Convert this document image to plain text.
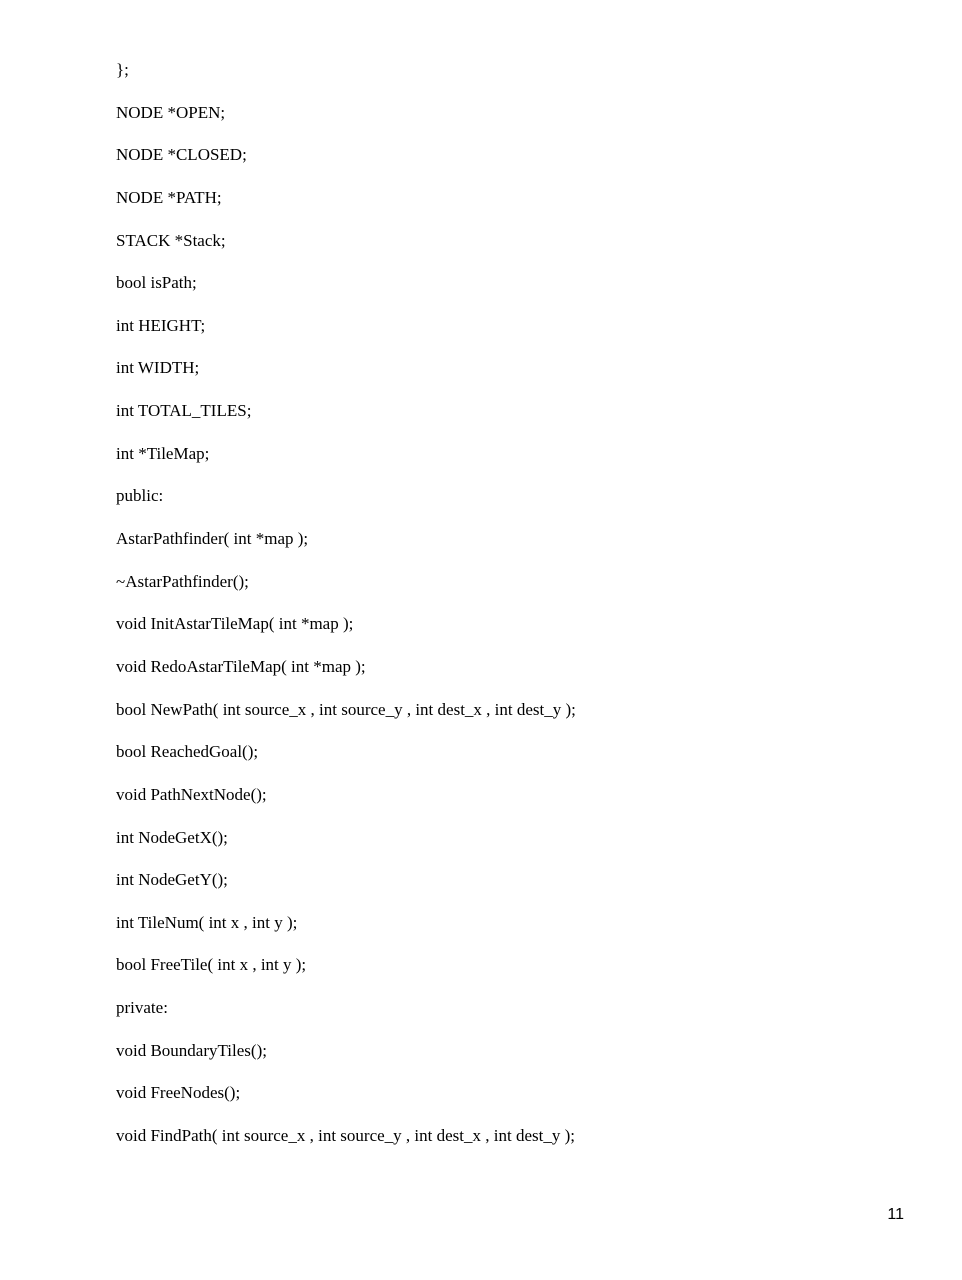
};
NODE *OPEN;
NODE *CLOSED;
NODE *PATH;
STACK *Stack;
bool isPath;
int HEIGHT;
int WIDTH;
int TOTAL_TILES;
int *TileMap;
public:
AstarPathfinder( int *map );
~AstarPathfinder();
void InitAstarTileMap( int *map );
void RedoAstarTileMap( int *map );
bool NewPath( int source_x , int source_y , int dest_x , int dest_y );
bool ReachedGoal();
void PathNextNode();
int NodeGetX();
int NodeGetY();
int TileNum( int x , int y );
bool FreeTile( int x , int y );
private:
void BoundaryTiles();
void FreeNodes();
void FindPath( int source_x , int source_y , int dest_x , int dest_y );
11
